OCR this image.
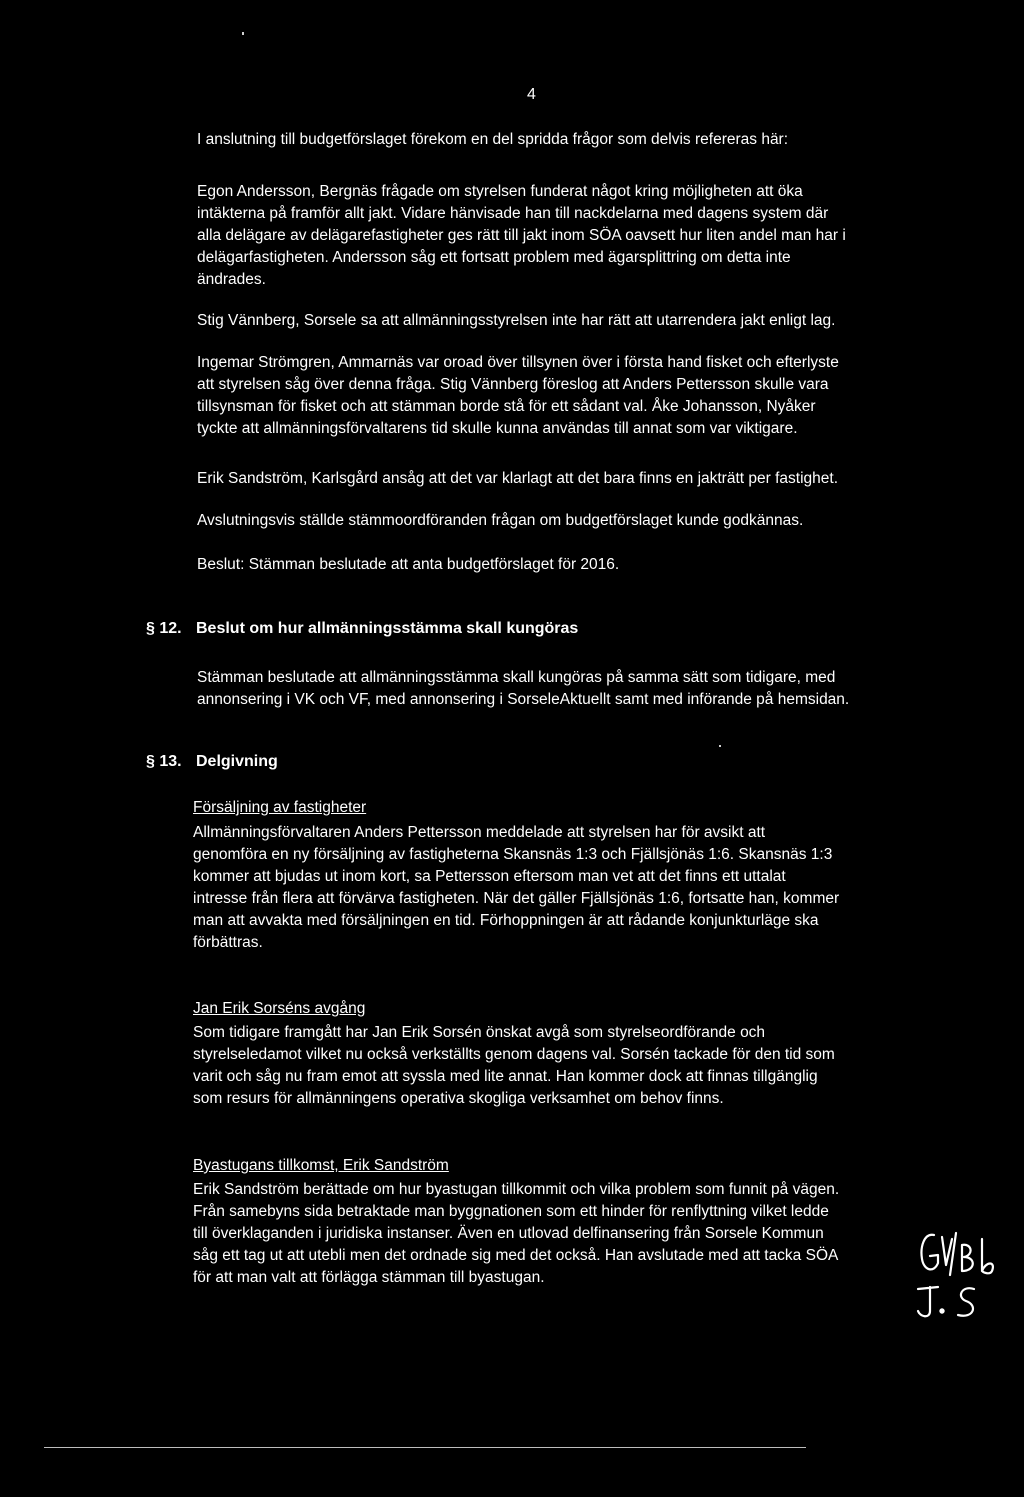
4

I anslutning till budgetförslaget förekom en del spridda frågor som delvis refereras här:

Egon Andersson, Bergnäs frågade om styrelsen funderat något kring möjligheten att öka
intäkterna på framför allt jakt. Vidare hänvisade han till nackdelarna med dagens system där
alla delägare av delägarefastigheter ges rätt till jakt inom SÖA oavsett hur liten andel man har i
delägarfastigheten. Andersson såg ett fortsatt problem med ägarsplittring om detta inte
ändrades.

Stig Vännberg, Sorsele sa att allmänningsstyrelsen inte har rätt att utarrendera jakt enligt lag.

Ingemar Strömgren, Ammarnäs var oroad över tillsynen över i första hand fisket och efterlyste
att styrelsen såg över denna fråga. Stig Vännberg föreslog att Anders Pettersson skulle vara
tillsynsman för fisket och att stämman borde stå för ett sådant val. Åke Johansson, Nyåker
tyckte att allmänningsförvaltarens tid skulle kunna användas till annat som var viktigare.

Erik Sandström, Karlsgård ansåg att det var klarlagt att det bara finns en jakträtt per fastighet.

Avslutningsvis ställde stämmoordföranden frågan om budgetförslaget kunde godkännas.

Beslut: Stämman beslutade att anta budgetförslaget för 2016.

§ 12. Beslut om hur allmänningsstämma skall kungöras

Stämman beslutade att allmänningsstämma skall kungöras på samma sätt som tidigare, med
annonsering i VK och VF, med annonsering i SorseleAktuellt samt med införande på hemsidan.

§ 13. Delgivning
Försäljning av fastigheter

Allmänningsförvaltaren Anders Pettersson meddelade att styrelsen har för avsikt att
genomföra en ny försäljning av fastigheterna Skansnäs 1:3 och Fjällsjönäs 1:6. Skansnäs 1:3
kommer att bjudas ut inom kort, sa Pettersson eftersom man vet att det finns ett uttalat
intresse från flera att förvärva fastigheten. När det gäller Fjällsjönäs 1:6, fortsatte han, kommer
man att avvakta med försäljningen en tid. Förhoppningen är att rådande konjunkturläge ska
förbättras.

Jan Erik Sorséns avgång

Som tidigare framgått har Jan Erik Sorsén önskat avgå som styrelseordförande och
styrelseledamot vilket nu också verkställts genom dagens val. Sorsén tackade för den tid som
varit och såg nu fram emot att syssla med lite annat. Han kommer dock att finnas tillgänglig
som resurs för allmänningens operativa skogliga verksamhet om behov finns.

Byastugans tillkomst, Erik Sandström

Erik Sandström berättade om hur byastugan tillkommit och vilka problem som funnit på vägen.
Från samebyns sida betraktade man byggnationen som ett hinder för renflyttning vilket ledde
till överklaganden i juridiska instanser. Även en utlovad delfinansering från Sorsele Kommun
såg ett tag ut att utebli men det ordnade sig med det också. Han avslutade med att tacka SÖA
för att man valt att förlägga stämman till byastugan.
